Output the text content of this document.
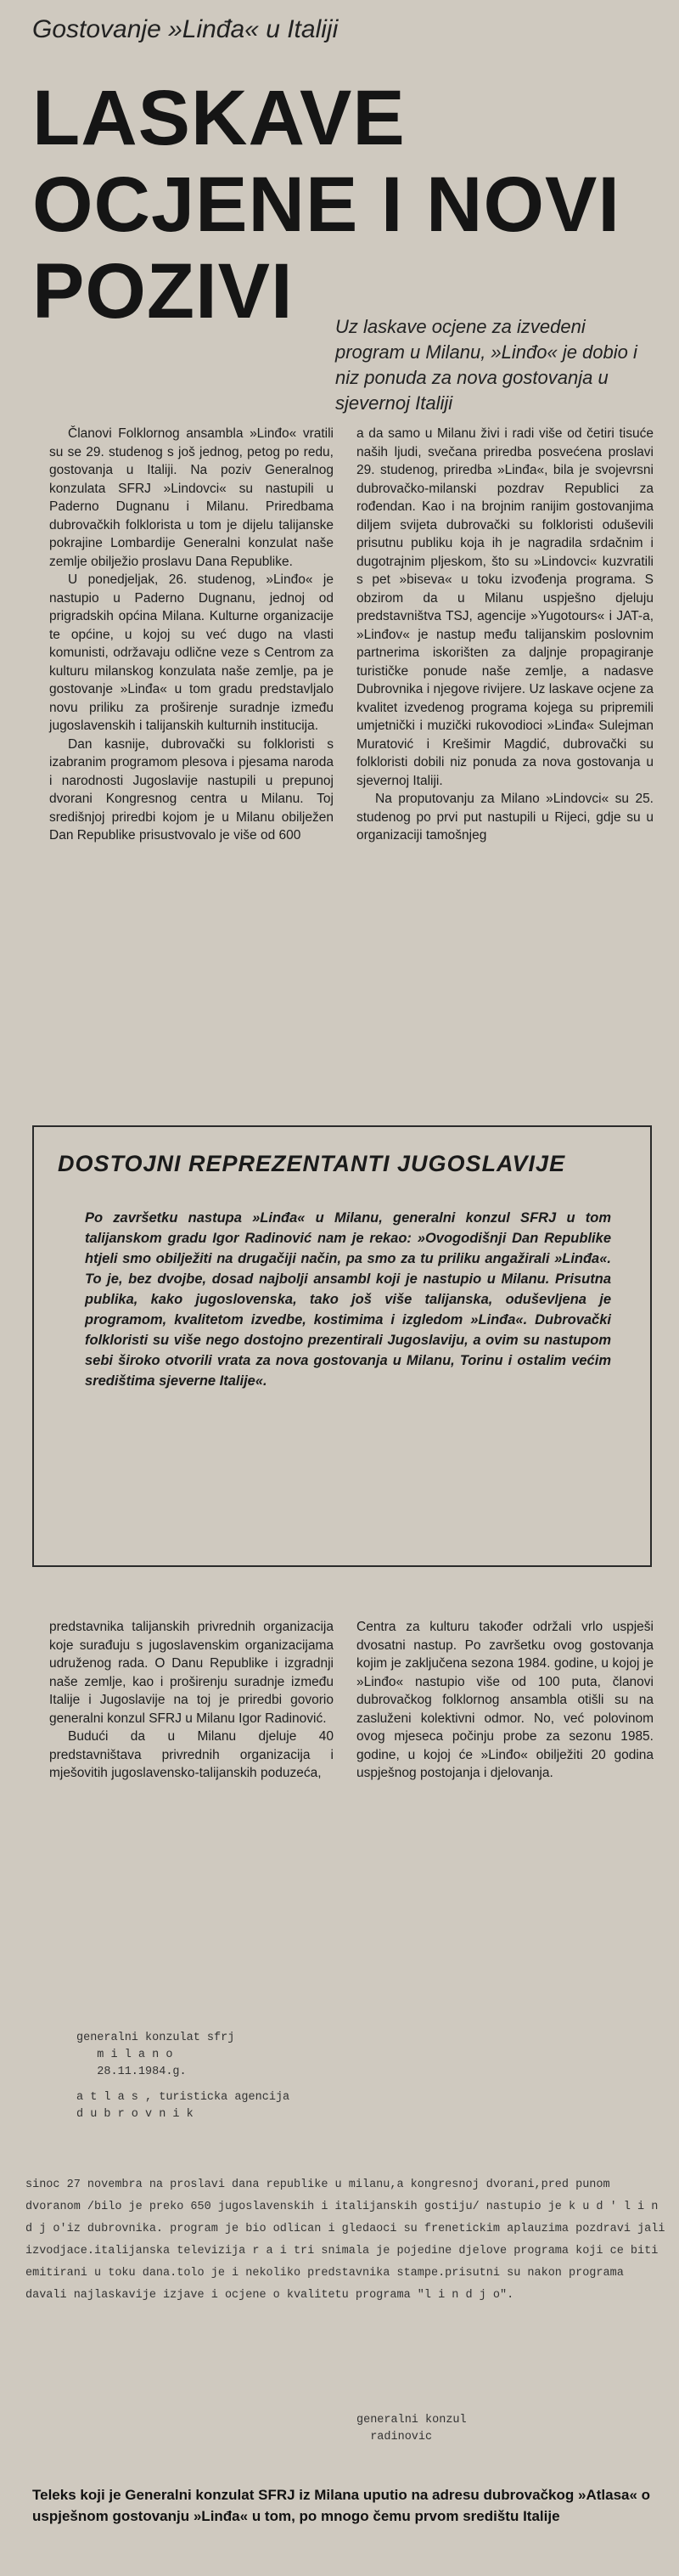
Gostovanje »Linđa« u Italiji
LASKAVE OCJENE I NOVI POZIVI	Uz laskave ocjene za izvedeni program u Milanu, »Linđo« je dobio i niz ponuda za nova gostovanja u sjevernoj Italiji

Članovi Folklornog ansambla »Linđo« vratili su se 29. studenog s još jednog, petog po redu, gostovanja u Italiji. Na poziv Generalnog konzulata SFRJ »Lindovci« su nastupili u Paderno Dugnanu i Milanu. Priredbama dubrovačkih folklorista u tom je dijelu talijanske pokrajine Lombardije Generalni konzulat naše zemlje obilježio proslavu Dana Republike.

U ponedjeljak, 26. studenog, »Linđo« je nastupio u Paderno Dugnanu, jednoj od prigradskih općina Milana. Kulturne organizacije te općine, u kojoj su već dugo na vlasti komunisti, održavaju odlične veze s Centrom za kulturu milanskog konzulata naše zemlje, pa je gostovanje »Linđa« u tom gradu predstavljalo novu priliku za proširenje suradnje između jugoslavenskih i talijanskih kulturnih institucija.

Dan kasnije, dubrovački su folkloristi s izabranim programom plesova i pjesama naroda i narodnosti Jugoslavije nastupili u prepunoj dvorani Kongresnog centra u Milanu. Toj središnjoj priredbi kojom je u Milanu obilježen Dan Republike prisustvovalo je više od 600

a da samo u Milanu živi i radi više od četiri tisuće naših ljudi, svečana priredba posvećena proslavi 29. studenog, priredba »Linđa«, bila je svojevrsni dubrovačko-milanski pozdrav Republici za rođendan. Kao i na brojnim ranijim gostovanjima diljem svijeta dubrovački su folkloristi oduševili prisutnu publiku koja ih je nagradila srdačnim i dugotrajnim pljeskom, što su »Lindovci« kuzvratili s pet »biseva« u toku izvođenja programa. S obzirom da u Milanu uspješno djeluju predstavništva TSJ, agencije »Yugotours« i JAT-a, »Linđov« je nastup među talijanskim poslovnim partnerima iskorišten za daljnje propagiranje turističke ponude naše zemlje, a nadasve Dubrovnika i njegove rivijere. Uz laskave ocjene za kvalitet izvedenog programa kojega su pripremili umjetnički i muzički rukovodioci »Linđa« Sulejman Muratović i Krešimir Magdić, dubrovački su folkloristi dobili niz ponuda za nova gostovanja u sjevernoj Italiji.

Na proputovanju za Milano »Lindovci« su 25. studenog po prvi put nastupili u Rijeci, gdje su u organizaciji tamošnjeg

DOSTOJNI REPREZENTANTI JUGOSLAVIJE
Po završetku nastupa »Linđa« u Milanu, generalni konzul SFRJ u tom talijanskom gradu Igor Radinović nam je rekao: »Ovogodišnji Dan Republike htjeli smo obilježiti na drugačiji način, pa smo za tu priliku angažirali »Linđa«. To je, bez dvojbe, dosad najbolji ansambl koji je nastupio u Milanu. Prisutna publika, kako jugoslovenska, tako još više talijanska, oduševljena je programom, kvalitetom izvedbe, kostimima i izgledom »Linđa«. Dubrovački folkloristi su više nego dostojno prezentirali Jugoslaviju, a ovim su nastupom sebi široko otvorili vrata za nova gostovanja u Milanu, Torinu i ostalim većim središtima sjeverne Italije«.

predstavnika talijanskih privrednih organizacija koje surađuju s jugoslavenskim organizacijama udruženog rada. O Danu Republike i izgradnji naše zemlje, kao i proširenju suradnje između Italije i Jugoslavije na toj je priredbi govorio generalni konzul SFRJ u Milanu Igor Radinović.

Budući da u Milanu djeluje 40 predstavništava privrednih organizacija i mješovitih jugoslavensko-talijanskih poduzeća,

Centra za kulturu također održali vrlo uspješi dvosatni nastup. Po završetku ovog gostovanja kojim je zaključena sezona 1984. godine, u kojoj je »Linđo« nastupio više od 100 puta, članovi dubrovačkog folklornog ansambla otišli su na zasluženi kolektivni odmor. No, već polovinom ovog mjeseca počinju probe za sezonu 1985. godine, u kojoj će »Linđo« obilježiti 20 godina uspješnog postojanja i djelovanja.

generalni konzulat sfrj
m i l a n o
28.11.1984.g.
a t l a s , turisticka agencija
d u b r o v n i k
sinoc 27 novembra na proslavi dana republike u milanu,a kongresnoj dvorani,pred punom dvoranom /bilo je preko 650 jugoslavenskih i italijanskih gostiju/ nastupio je k u d ' l i n d j o'iz dubrovnika. program je bio odlican i gledaoci su frenetickim aplauzima pozdravi jali izvodjace.italijanska televizija r a i tri snimala je pojedine djelove programa koji ce biti emitirani u toku dana.tolo je i nekoliko predstavnika stampe.prisutni su nakon programa davali najlaskavije izjave i ocjene o kvalitetu programa "l i n d j o".
generalni konzul
radinovic
Teleks koji je Generalni konzulat SFRJ iz Milana uputio na adresu dubrovačkog »Atlasa« o uspješnom gostovanju »Linđa« u tom, po mnogo čemu prvom središtu Italije
